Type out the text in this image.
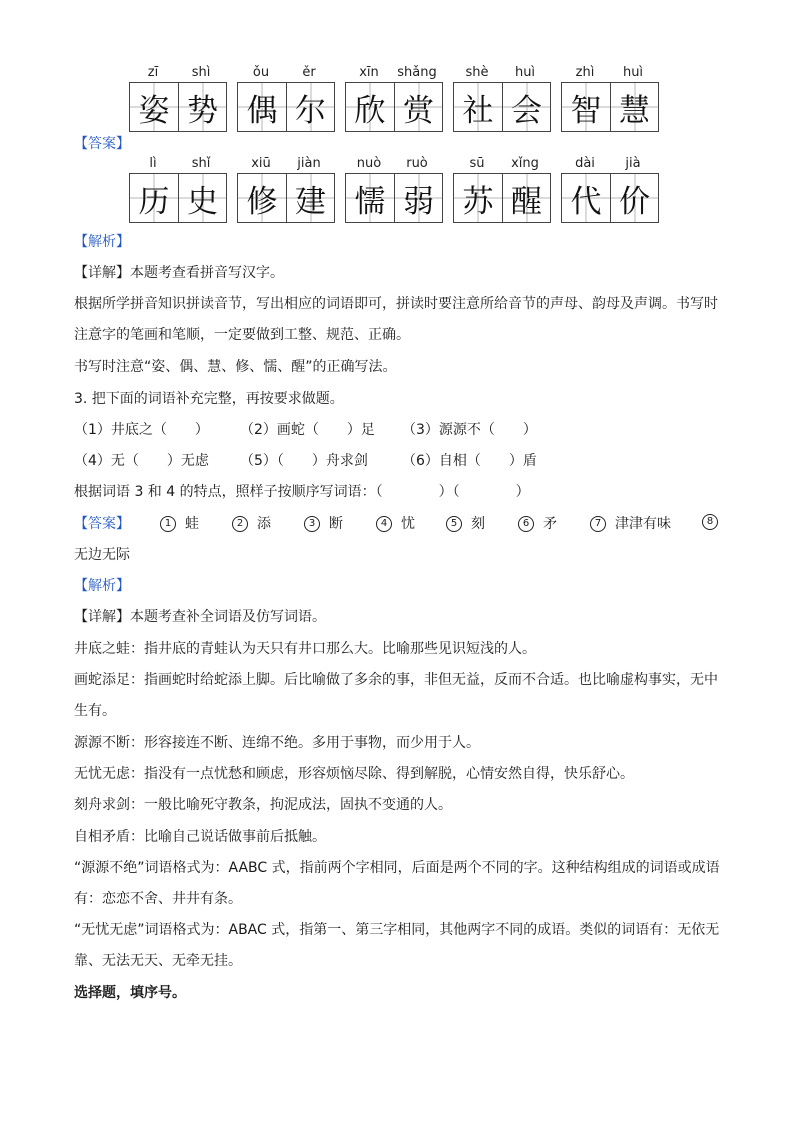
zī	shì
姿 势
ǒu	ěr
偶 尔
xīn	shǎng
欣 赏
shè	huì
社 会
zhì	huì
智 慧
【答案】
lì	shǐ
历 史
xiū	jiàn
修 建
nuò	ruò
懦 弱
sū	xǐng
苏 醒
dài	jià
代 价
【解析】
【详解】本题考查看拼音写汉字。
根据所学拼音知识拼读音节，写出相应的词语即可，拼读时要注意所给音节的声母、韵母及声调。书写时
注意字的笔画和笔顺，一定要做到工整、规范、正确。
书写时注意“姿、偶、慧、修、懦、醒”的正确写法。
3. 把下面的词语补充完整，再按要求做题。
（1）井底之（　　） （2）画蛇（　　）足 （3）源源不（　　）
（4）无（　　）无虑 （5）（　　）舟求剑 （6）自相（　　）盾
根据词语 3 和 4 的特点，照样子按顺序写词语：（　　　　）（　　　　）
【答案】	1 蛙	2 添	3 断	4 忧	5 刻	6 矛	7 津津有味	8
无边无际
【解析】
【详解】本题考查补全词语及仿写词语。
井底之蛙：指井底的青蛙认为天只有井口那么大。比喻那些见识短浅的人。
画蛇添足：指画蛇时给蛇添上脚。后比喻做了多余的事，非但无益，反而不合适。也比喻虚构事实，无中
生有。
源源不断：形容接连不断、连绵不绝。多用于事物，而少用于人。
无忧无虑：指没有一点忧愁和顾虑，形容烦恼尽除、得到解脱，心情安然自得，快乐舒心。
刻舟求剑：一般比喻死守教条，拘泥成法，固执不变通的人。
自相矛盾：比喻自己说话做事前后抵触。
“源源不绝”词语格式为：AABC 式，指前两个字相同，后面是两个不同的字。这种结构组成的词语或成语
有：恋恋不舍、井井有条。
“无忧无虑”词语格式为：ABAC 式，指第一、第三字相同，其他两字不同的成语。类似的词语有：无依无
靠、无法无天、无牵无挂。
选择题，填序号。
